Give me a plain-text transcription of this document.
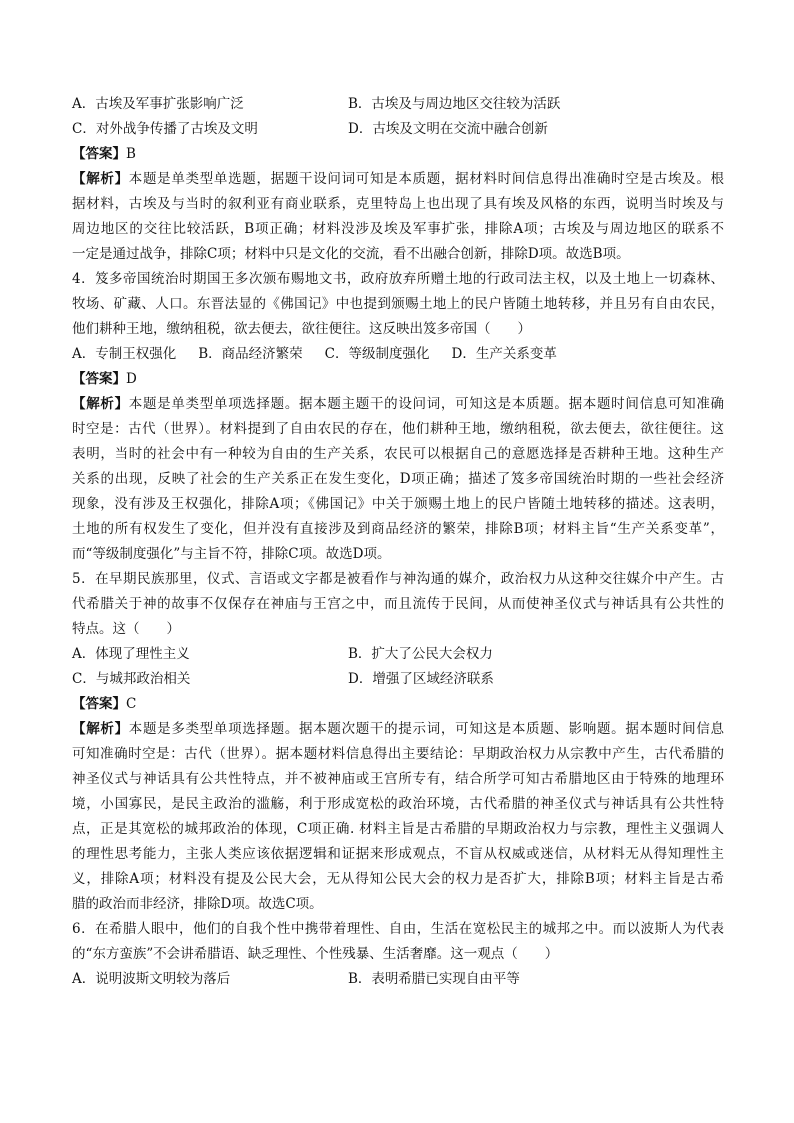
A．古埃及军事扩张影响广泛	B．古埃及与周边地区交往较为活跃
C．对外战争传播了古埃及文明	D．古埃及文明在交流中融合创新
【答案】B
【解析】本题是单类型单选题，据题干设问词可知是本质题，据材料时间信息得出准确时空是古埃及。根
据材料，古埃及与当时的叙利亚有商业联系，克里特岛上也出现了具有埃及风格的东西，说明当时埃及与
周边地区的交往比较活跃，B项正确；材料没涉及埃及军事扩张，排除A项；古埃及与周边地区的联系不
一定是通过战争，排除C项；材料中只是文化的交流，看不出融合创新，排除D项。故选B项。
4．笈多帝国统治时期国王多次颁布赐地文书，政府放弃所赠土地的行政司法主权，以及土地上一切森林、
牧场、矿藏、人口。东晋法显的《佛国记》中也提到颁赐土地上的民户皆随土地转移，并且另有自由农民，
他们耕种王地，缴纳租税，欲去便去，欲往便往。这反映出笈多帝国（　　）
A．专制王权强化 B．商品经济繁荣 C．等级制度强化 D．生产关系变革
【答案】D
【解析】本题是单类型单项选择题。据本题主题干的设问词，可知这是本质题。据本题时间信息可知准确
时空是：古代（世界）。材料提到了自由农民的存在，他们耕种王地，缴纳租税，欲去便去，欲往便往。这
表明，当时的社会中有一种较为自由的生产关系，农民可以根据自己的意愿选择是否耕种王地。这种生产
关系的出现，反映了社会的生产关系正在发生变化，D项正确；描述了笈多帝国统治时期的一些社会经济
现象，没有涉及王权强化，排除A项；《佛国记》中关于颁赐土地上的民户皆随土地转移的描述。这表明，
土地的所有权发生了变化，但并没有直接涉及到商品经济的繁荣，排除B项；材料主旨“生产关系变革”，
而“等级制度强化”与主旨不符，排除C项。故选D项。
5．在早期民族那里，仪式、言语或文字都是被看作与神沟通的媒介，政治权力从这种交往媒介中产生。古
代希腊关于神的故事不仅保存在神庙与王宫之中，而且流传于民间，从而使神圣仪式与神话具有公共性的
特点。这（　　）
A．体现了理性主义	B．扩大了公民大会权力
C．与城邦政治相关	D．增强了区域经济联系
【答案】C
【解析】本题是多类型单项选择题。据本题次题干的提示词，可知这是本质题、影响题。据本题时间信息
可知准确时空是：古代（世界）。据本题材料信息得出主要结论：早期政治权力从宗教中产生，古代希腊的
神圣仪式与神话具有公共性特点，并不被神庙或王宫所专有，结合所学可知古希腊地区由于特殊的地理环
境，小国寡民，是民主政治的滥觞，利于形成宽松的政治环境，古代希腊的神圣仪式与神话具有公共性特
点，正是其宽松的城邦政治的体现，C项正确. 材料主旨是古希腊的早期政治权力与宗教，理性主义强调人
的理性思考能力，主张人类应该依据逻辑和证据来形成观点，不盲从权威或迷信，从材料无从得知理性主
义，排除A项；材料没有提及公民大会，无从得知公民大会的权力是否扩大，排除B项；材料主旨是古希
腊的政治而非经济，排除D项。故选C项。
6．在希腊人眼中，他们的自我个性中携带着理性、自由，生活在宽松民主的城邦之中。而以波斯人为代表
的“东方蛮族”不会讲希腊语、缺乏理性、个性残暴、生活奢靡。这一观点（　　）
A．说明波斯文明较为落后	B．表明希腊已实现自由平等
